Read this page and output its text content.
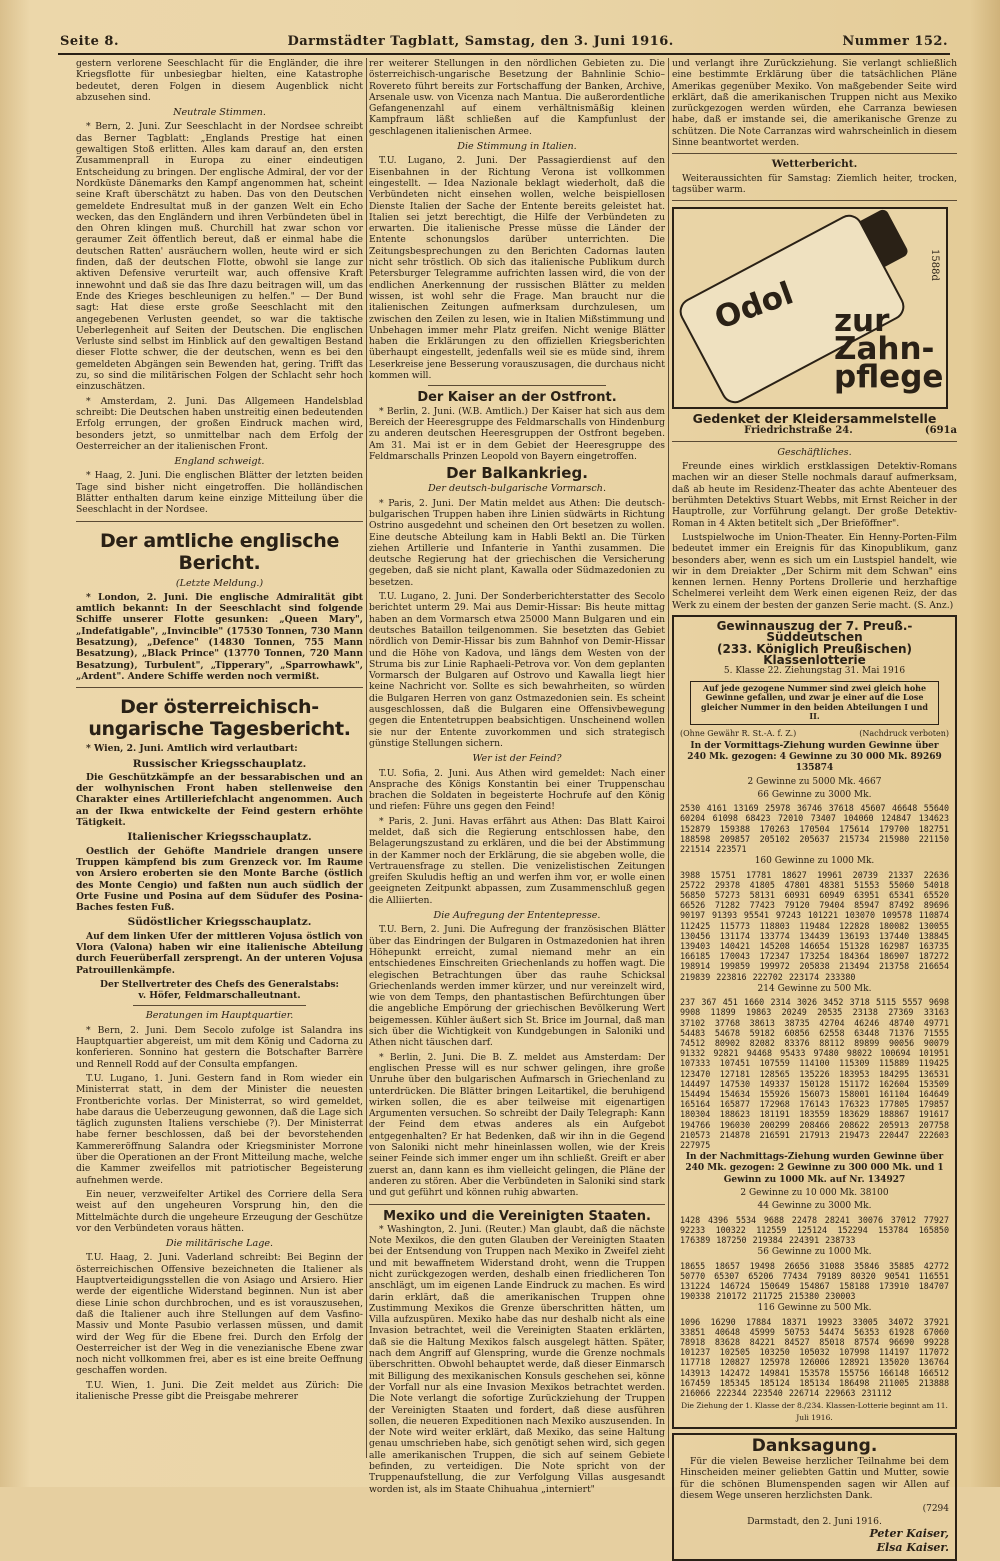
Seite 8.	Darmstädter Tagblatt, Samstag, den 3. Juni 1916.	Nummer 152.

gestern verlorene Seeschlacht für die Engländer, die ihre Kriegsflotte für unbesiegbar hielten, eine Katastrophe bedeutet, deren Folgen in diesem Augenblick nicht abzusehen sind.

Neutrale Stimmen.

* Bern, 2. Juni. Zur Seeschlacht in der Nordsee schreibt das Berner Tagblatt: „Englands Prestige hat einen gewaltigen Stoß erlitten. Alles kam darauf an, den ersten Zusammenprall in Europa zu einer eindeutigen Entscheidung zu bringen. Der englische Admiral, der vor der Nordküste Dänemarks den Kampf angenommen hat, scheint seine Kraft überschätzt zu haben. Das von den Deutschen gemeldete Endresultat muß in der ganzen Welt ein Echo wecken, das den Engländern und ihren Verbündeten übel in den Ohren klingen muß. Churchill hat zwar schon vor geraumer Zeit öffentlich bereut, daß er einmal habe die deutschen Ratten' ausräuchern wollen, heute wird er sich finden, daß der deutschen Flotte, obwohl sie lange zur aktiven Defensive verurteilt war, auch offensive Kraft innewohnt und daß sie das Ihre dazu beitragen will, um das Ende des Krieges beschleunigen zu helfen." — Der Bund sagt: Hat diese erste große Seeschlacht mit den angegebenen Verlusten geendet, so war die taktische Ueberlegenheit auf Seiten der Deutschen. Die englischen Verluste sind selbst im Hinblick auf den gewaltigen Bestand dieser Flotte schwer, die der deutschen, wenn es bei den gemeldeten Abgängen sein Bewenden hat, gering. Trifft das zu, so sind die militärischen Folgen der Schlacht sehr hoch einzuschätzen.

* Amsterdam, 2. Juni. Das Allgemeen Handelsblad schreibt: Die Deutschen haben unstreitig einen bedeutenden Erfolg errungen, der großen Eindruck machen wird, besonders jetzt, so unmittelbar nach dem Erfolg der Oesterreicher an der italienischen Front.

England schweigt.

* Haag, 2. Juni. Die englischen Blätter der letzten beiden Tage sind bisher nicht eingetroffen. Die holländischen Blätter enthalten darum keine einzige Mitteilung über die Seeschlacht in der Nordsee.

Der amtliche englische Bericht.
(Letzte Meldung.)

* London, 2. Juni. Die englische Admiralität gibt amtlich bekannt: In der Seeschlacht sind folgende Schiffe unserer Flotte gesunken: „Queen Mary", „Indefatigable", „Invincible" (17530 Tonnen, 730 Mann Besatzung), „Defence" (14830 Tonnen, 755 Mann Besatzung), „Black Prince" (13770 Tonnen, 720 Mann Besatzung), Turbulent", „Tipperary", „Sparrowhawk", „Ardent". Andere Schiffe werden noch vermißt.

Der österreichisch-ungarische Tagesbericht.

* Wien, 2. Juni. Amtlich wird verlautbart:

Russischer Kriegsschauplatz.

Die Geschützkämpfe an der bessarabischen und an der wolhynischen Front haben stellenweise den Charakter eines Artilleriefchlacht angenommen. Auch an der Ikwa entwickelte der Feind gestern erhöhte Tätigkeit.

Italienischer Kriegsschauplatz.

Oestlich der Gehöfte Mandriele drangen unsere Truppen kämpfend bis zum Grenzeck vor. Im Raume von Arsiero eroberten sie den Monte Barche (östlich des Monte Cengio) und faßten nun auch südlich der Orte Fusine und Posina auf dem Südufer des Posina-Baches festen Fuß.

Südöstlicher Kriegsschauplatz.

Auf dem linken Ufer der mittleren Vojusa östlich von Vlora (Valona) haben wir eine italienische Abteilung durch Feuerüberfall zersprengt. An der unteren Vojusa Patrouillenkämpfe.

Der Stellvertreter des Chefs des Generalstabs:
v. Höfer, Feldmarschalleutnant.
Beratungen im Hauptquartier.

* Bern, 2. Juni. Dem Secolo zufolge ist Salandra ins Hauptquartier abgereist, um mit dem König und Cadorna zu konferieren. Sonnino hat gestern die Botschafter Barrère und Rennell Rodd auf der Consulta empfangen.

T.U. Lugano, 1. Juni. Gestern fand in Rom wieder ein Ministerrat statt, in dem der Minister die neuesten Frontberichte vorlas. Der Ministerrat, so wird gemeldet, habe daraus die Ueberzeugung gewonnen, daß die Lage sich täglich zugunsten Italiens verschiebe (?). Der Ministerrat habe ferner beschlossen, daß bei der bevorstehenden Kammereröffnung Salandra oder Kriegsminister Morrone über die Operationen an der Front Mitteilung mache, welche die Kammer zweifellos mit patriotischer Begeisterung aufnehmen werde.

Ein neuer, verzweifelter Artikel des Corriere della Sera weist auf den ungeheuren Vorsprung hin, den die Mittelmächte durch die ungeheure Erzeugung der Geschütze vor den Verbündeten voraus hätten.

Die militärische Lage.

T.U. Haag, 2. Juni. Vaderland schreibt: Bei Beginn der österreichischen Offensive bezeichneten die Italiener als Hauptverteidigungsstellen die von Asiago und Arsiero. Hier werde der eigentliche Widerstand beginnen. Nun ist aber diese Linie schon durchbrochen, und es ist vorauszusehen, daß die Italiener auch ihre Stellungen auf dem Vasfino-Massiv und Monte Pasubio verlassen müssen, und damit wird der Weg für die Ebene frei. Durch den Erfolg der Oesterreicher ist der Weg in die venezianische Ebene zwar noch nicht vollkommen frei, aber es ist eine breite Oeffnung geschaffen worden.

T.U. Wien, 1. Juni. Die Zeit meldet aus Zürich: Die italienische Presse gibt die Preisgabe mehrerer

rer weiterer Stellungen in den nördlichen Gebieten zu. Die österreichisch-ungarische Besetzung der Bahnlinie Schio–Rovereto führt bereits zur Fortschaffung der Banken, Archive, Arsenale usw. von Vicenza nach Mantua. Die außerordentliche Gefangenenzahl auf einem verhältnismäßig kleinen Kampfraum läßt schließen auf die Kampfunlust der geschlagenen italienischen Armee.

Die Stimmung in Italien.

T.U. Lugano, 2. Juni. Der Passagierdienst auf den Eisenbahnen in der Richtung Verona ist vollkommen eingestellt. — Idea Nazionale beklagt wiederholt, daß die Verbündeten nicht einsehen wollen, welche beispiellosen Dienste Italien der Sache der Entente bereits geleistet hat. Italien sei jetzt berechtigt, die Hilfe der Verbündeten zu erwarten. Die italienische Presse müsse die Länder der Entente schonungslos darüber unterrichten. Die Zeitungsbesprechungen zu den Berichten Cadornas lauten nicht sehr tröstlich. Ob sich das italienische Publikum durch Petersburger Telegramme aufrichten lassen wird, die von der endlichen Anerkennung der russischen Blätter zu melden wissen, ist wohl sehr die Frage. Man braucht nur die italienischen Zeitungen aufmerksam durchzulesen, um zwischen den Zeilen zu lesen, wie in Italien Mißstimmung und Unbehagen immer mehr Platz greifen. Nicht wenige Blätter haben die Erklärungen zu den offiziellen Kriegsberichten überhaupt eingestellt, jedenfalls weil sie es müde sind, ihrem Leserkreise jene Besserung vorauszusagen, die durchaus nicht kommen will.

Der Kaiser an der Ostfront.

* Berlin, 2. Juni. (W.B. Amtlich.) Der Kaiser hat sich aus dem Bereich der Heeresgruppe des Feldmarschalls von Hindenburg zu anderen deutschen Heeresgruppen der Ostfront begeben. Am 31. Mai ist er in dem Gebiet der Heeresgruppe des Feldmarschalls Prinzen Leopold von Bayern eingetroffen.

Der Balkankrieg.
Der deutsch-bulgarische Vormarsch.

* Paris, 2. Juni. Der Matin meldet aus Athen: Die deutsch-bulgarischen Truppen haben ihre Linien südwärts in Richtung Ostrino ausgedehnt und scheinen den Ort besetzen zu wollen. Eine deutsche Abteilung kam in Habli Bektl an. Die Türken ziehen Artillerie und Infanterie in Yanthi zusammen. Die deutsche Regierung hat der griechischen die Versicherung gegeben, daß sie nicht plant, Kawalla oder Südmazedonien zu besetzen.

T.U. Lugano, 2. Juni. Der Sonderberichterstatter des Secolo berichtet unterm 29. Mai aus Demir-Hissar: Bis heute mittag haben an dem Vormarsch etwa 25000 Mann Bulgaren und ein deutsches Bataillon teilgenommen. Sie besetzten das Gebiet nördlich von Demir-Hissar bis zum Bahnhof von Demir-Hissar und die Höhe von Kadova, und längs dem Westen von der Struma bis zur Linie Raphaeli-Petrova vor. Von dem geplanten Vormarsch der Bulgaren auf Ostrovo und Kawalla liegt hier keine Nachricht vor. Sollte es sich bewahrheiten, so würden die Bulgaren Herren von ganz Ostmazedonien sein. Es scheint ausgeschlossen, daß die Bulgaren eine Offensivbewegung gegen die Ententetruppen beabsichtigen. Unscheinend wollen sie nur der Entente zuvorkommen und sich strategisch günstige Stellungen sichern.

Wer ist der Feind?

T.U. Sofia, 2. Juni. Aus Athen wird gemeldet: Nach einer Ansprache des Königs Konstantin bei einer Truppenschau brachen die Soldaten in begeisterte Hochrufe auf den König und riefen: Führe uns gegen den Feind!

* Paris, 2. Juni. Havas erfährt aus Athen: Das Blatt Kairoi meldet, daß sich die Regierung entschlossen habe, den Belagerungszustand zu erklären, und die bei der Abstimmung in der Kammer noch der Erklärung, die sie abgeben wolle, die Vertrauensfrage zu stellen. Die venizelistischen Zeitungen greifen Skuludis heftig an und werfen ihm vor, er wolle einen geeigneten Zeitpunkt abpassen, zum Zusammenschluß gegen die Alliierten.

Die Aufregung der Ententepresse.

T.U. Bern, 2. Juni. Die Aufregung der französischen Blätter über das Eindringen der Bulgaren in Ostmazedonien hat ihren Höhepunkt erreicht, zumal niemand mehr an ein entschiedenes Einschreiten Griechenlands zu hoffen wagt. Die elegischen Betrachtungen über das rauhe Schicksal Griechenlands werden immer kürzer, und nur vereinzelt wird, wie von dem Temps, den phantastischen Befürchtungen über die angebliche Empörung der griechischen Bevölkerung Wert beigemessen. Kühler äußert sich St. Brice im Journal, daß man sich über die Wichtigkeit von Kundgebungen in Saloniki und Athen nicht täuschen darf.

* Berlin, 2. Juni. Die B. Z. meldet aus Amsterdam: Der englischen Presse will es nur schwer gelingen, ihre große Unruhe über den bulgarischen Aufmarsch in Griechenland zu unterdrücken. Die Blätter bringen Leitartikel, die beruhigend wirken sollen, die es aber teilweise mit eigenartigen Argumenten versuchen. So schreibt der Daily Telegraph: Kann der Feind dem etwas anderes als ein Aufgebot entgegenhalten? Er hat Bedenken, daß wir ihn in die Gegend von Saloniki nicht mehr hineinlassen wollen, wie der Kreis seiner Feinde sich immer enger um ihn schließt. Greift er aber zuerst an, dann kann es ihm vielleicht gelingen, die Pläne der anderen zu stören. Aber die Verbündeten in Saloniki sind stark und gut geführt und können ruhig abwarten.

Mexiko und die Vereinigten Staaten.

* Washington, 2. Juni. (Reuter.) Man glaubt, daß die nächste Note Mexikos, die den guten Glauben der Vereinigten Staaten bei der Entsendung von Truppen nach Mexiko in Zweifel zieht und mit bewaffnetem Widerstand droht, wenn die Truppen nicht zurückgezogen werden, deshalb einen friedlicheren Ton anschlägt, um im eigenen Lande Eindruck zu machen. Es wird darin erklärt, daß die amerikanischen Truppen ohne Zustimmung Mexikos die Grenze überschritten hätten, um Villa aufzuspüren. Mexiko habe das nur deshalb nicht als eine Invasion betrachtet, weil die Vereinigten Staaten erklärten, daß sie die Haltung Mexikos falsch ausgelegt hätten. Später, nach dem Angriff auf Glenspring, wurde die Grenze nochmals überschritten. Obwohl behauptet werde, daß dieser Einmarsch mit Billigung des mexikanischen Konsuls geschehen sei, könne der Vorfall nur als eine Invasion Mexikos betrachtet werden. Die Note verlangt die sofortige Zurückziehung der Truppen der Vereinigten Staaten und fordert, daß diese ausführen sollen, die neueren Expeditionen nach Mexiko auszusenden. In der Note wird weiter erklärt, daß Mexiko, das seine Haltung genau umschrieben habe, sich genötigt sehen wird, sich gegen alle amerikanischen Truppen, die sich auf seinem Gebiete befinden, zu verteidigen. Die Note spricht von der Truppenaufstellung, die zur Verfolgung Villas ausgesandt worden ist, als im Staate Chihuahua „interniert"

und verlangt ihre Zurückziehung. Sie verlangt schließlich eine bestimmte Erklärung über die tatsächlichen Pläne Amerikas gegenüber Mexiko. Von maßgebender Seite wird erklärt, daß die amerikanischen Truppen nicht aus Mexiko zurückgezogen werden würden, ehe Carranza bewiesen habe, daß er imstande sei, die amerikanische Grenze zu schützen. Die Note Carranzas wird wahrscheinlich in diesem Sinne beantwortet werden.

Wetterbericht.

Weiteraussichten für Samstag: Ziemlich heiter, trocken, tagsüber warm.

Odol zur
Zahn-
pflege
1588d
Gedenket der Kleidersammelstelle
Friedrichstraße 24.	(691a
Geschäftliches.

Freunde eines wirklich erstklassigen Detektiv-Romans machen wir an dieser Stelle nochmals darauf aufmerksam, daß ab heute im Residenz-Theater das achte Abenteuer des berühmten Detektivs Stuart Webbs, mit Ernst Reicher in der Hauptrolle, zur Vorführung gelangt. Der große Detektiv-Roman in 4 Akten betitelt sich „Der Brieföffner".

Lustspielwoche im Union-Theater. Ein Henny-Porten-Film bedeutet immer ein Ereignis für das Kinopublikum, ganz besonders aber, wenn es sich um ein Lustspiel handelt, wie wir in dem Dreiakter „Der Schirm mit dem Schwan" eins kennen lernen. Henny Portens Drollerie und herzhaftige Schelmerei verleiht dem Werk einen eigenen Reiz, der das Werk zu einem der besten der ganzen Serie macht. (S. Anz.)

Gewinnauszug der 7. Preuß.-Süddeutschen
(233. Königlich Preußischen) Klassenlotterie
5. Klasse 22. Ziehungstag 31. Mai 1916
Auf jede gezogene Nummer sind zwei gleich hohe Gewinne gefallen, und zwar je einer auf die Lose gleicher Nummer in den beiden Abteilungen I und II.
(Ohne Gewähr R. St.-A. f. Z.)	(Nachdruck verboten)
In der Vormittags-Ziehung wurden Gewinne über 240 Mk. gezogen: 4 Gewinne zu 30 000 Mk. 89269 135874
2 Gewinne zu 5000 Mk. 4667
66 Gewinne zu 3000 Mk.
2530 4161 13169 25978 36746 37618 45607 46648 55640 60204 61098 68423 72010 73407 104060 124847 134623 152879 159388 170263 170504 175614 179700 182751 188598 209857 205102 205637 215734 215980 221150 221514 223571
160 Gewinne zu 1000 Mk.
3988 15751 17781 18627 19961 20739 21337 22636 25722 29378 41805 47801 48381 51553 55060 54018 56850 57273 58131 60931 60949 63951 65341 65520 66526 71282 77423 79120 79404 85947 87492 89696 90197 91393 95541 97243 101221 103070 109578 110874 112425 115773 118803 119484 122828 180082 130055 130456 131174 133774 134439 136193 137440 138845 139403 140421 145208 146654 151328 162987 163735 166185 170043 172347 173254 184364 186907 187272 198914 199859 199972 205838 213494 213758 216654 219839 223816 222702 223174 233380
214 Gewinne zu 500 Mk.
237 367 451 1660 2314 3026 3452 3718 5115 5557 9698 9908 11899 19863 20249 20535 23138 27369 33163 37102 37768 38613 38735 42704 46246 48740 49771 54483 54678 59182 60856 62558 63448 71376 71555 74512 80902 82082 83376 88112 89899 90056 90079 91332 92821 94468 95433 97480 98022 100694 101951 107333 107451 107559 114100 115309 115889 119425 123470 127181 128565 135226 183953 184295 136531 144497 147530 149337 150128 151172 162604 153509 154494 154634 155926 156073 158001 161104 164649 165164 165877 172968 176143 176323 177805 179857 180304 188623 181191 183559 183629 188867 191617 194766 196030 200299 208466 208622 205913 207758 210573 214878 216591 217913 219473 220447 222603 227975
In der Nachmittags-Ziehung wurden Gewinne über 240 Mk. gezogen: 2 Gewinne zu 300 000 Mk. und 1 Gewinn zu 1000 Mk. auf Nr. 134927
2 Gewinne zu 10 000 Mk. 38100
44 Gewinne zu 3000 Mk.
1428 4396 5534 9688 22478 28241 30076 37012 77927 92233 100322 112559 125124 152294 153784 165850 176389 187250 219384 224391 238733
56 Gewinne zu 1000 Mk.
18655 18657 19498 26656 31088 35846 35885 42772 50770 65307 65206 77434 79189 80320 90541 116551 131224 146724 150649 154867 158188 173910 184707 190338 210172 211725 215380 230003
116 Gewinne zu 500 Mk.
1096 16290 17884 18371 19923 33005 34072 37921 33851 40648 45999 50753 54474 56353 61928 67060 78918 83628 84221 84527 85018 87574 96690 99228 101237 102505 103250 105032 107998 114197 117072 117718 120827 125978 126006 128921 135020 136764 143913 142472 149841 153578 155756 166148 166512 167459 185345 185124 185134 186498 211005 213888 216066 222344 223540 226714 229663 231112
Die Ziehung der 1. Klasse der 8./234. Klassen-Lotterie beginnt am 11. Juli 1916.
Danksagung.

Für die vielen Beweise herzlicher Teilnahme bei dem Hinscheiden meiner geliebten Gattin und Mutter, sowie für die schönen Blumenspenden sagen wir Allen auf diesem Wege unseren herzlichsten Dank.

(7294
Darmstadt, den 2. Juni 1916.
Peter Kaiser,
Elsa Kaiser.
